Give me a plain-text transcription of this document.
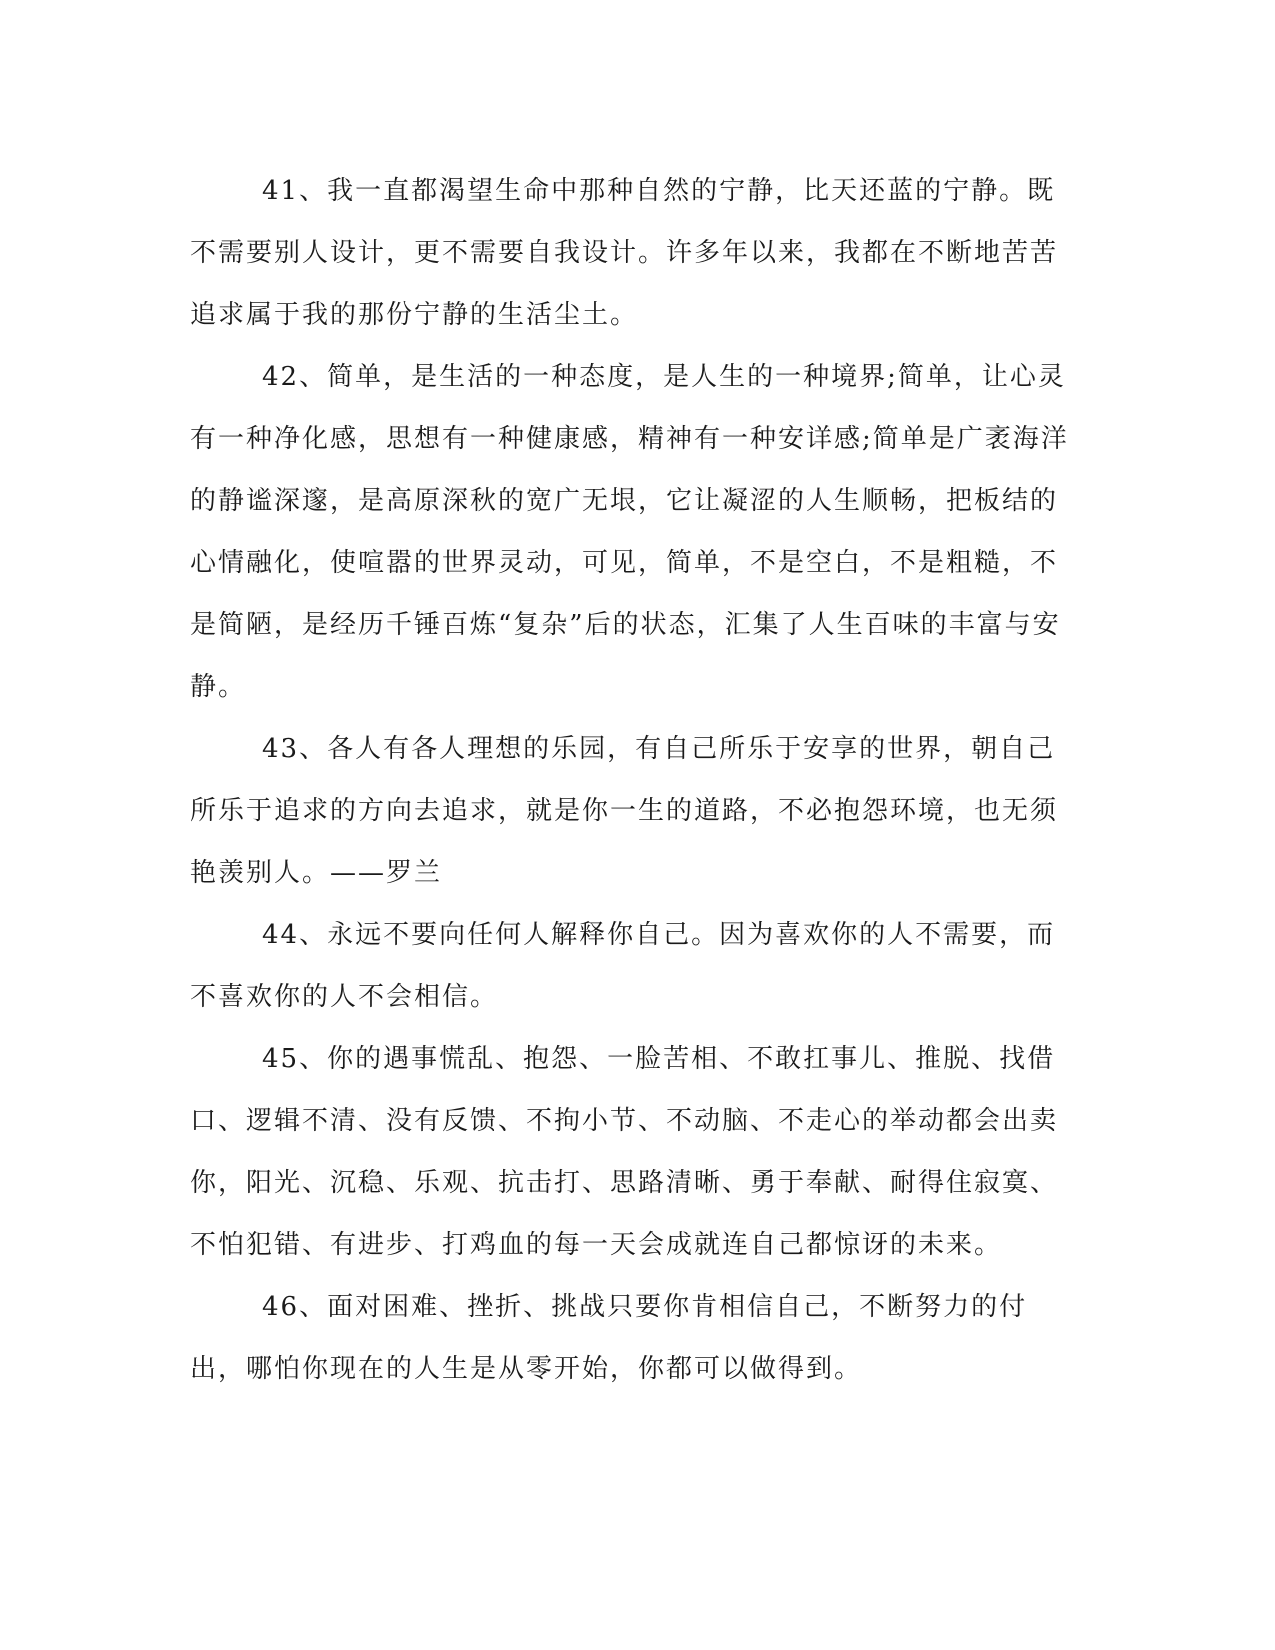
41、我一直都渴望生命中那种自然的宁静，比天还蓝的宁静。既不需要别人设计，更不需要自我设计。许多年以来，我都在不断地苦苦追求属于我的那份宁静的生活尘土。

42、简单，是生活的一种态度，是人生的一种境界;简单，让心灵有一种净化感，思想有一种健康感，精神有一种安详感;简单是广袤海洋的静谧深邃，是高原深秋的宽广无垠，它让凝涩的人生顺畅，把板结的心情融化，使喧嚣的世界灵动，可见，简单，不是空白，不是粗糙，不是简陋，是经历千锤百炼“复杂”后的状态，汇集了人生百味的丰富与安静。

43、各人有各人理想的乐园，有自己所乐于安享的世界，朝自己所乐于追求的方向去追求，就是你一生的道路，不必抱怨环境，也无须艳羡别人。——罗兰

44、永远不要向任何人解释你自己。因为喜欢你的人不需要，而不喜欢你的人不会相信。

45、你的遇事慌乱、抱怨、一脸苦相、不敢扛事儿、推脱、找借口、逻辑不清、没有反馈、不拘小节、不动脑、不走心的举动都会出卖你，阳光、沉稳、乐观、抗击打、思路清晰、勇于奉献、耐得住寂寞、不怕犯错、有进步、打鸡血的每一天会成就连自己都惊讶的未来。

46、面对困难、挫折、挑战只要你肯相信自己，不断努力的付出，哪怕你现在的人生是从零开始，你都可以做得到。
